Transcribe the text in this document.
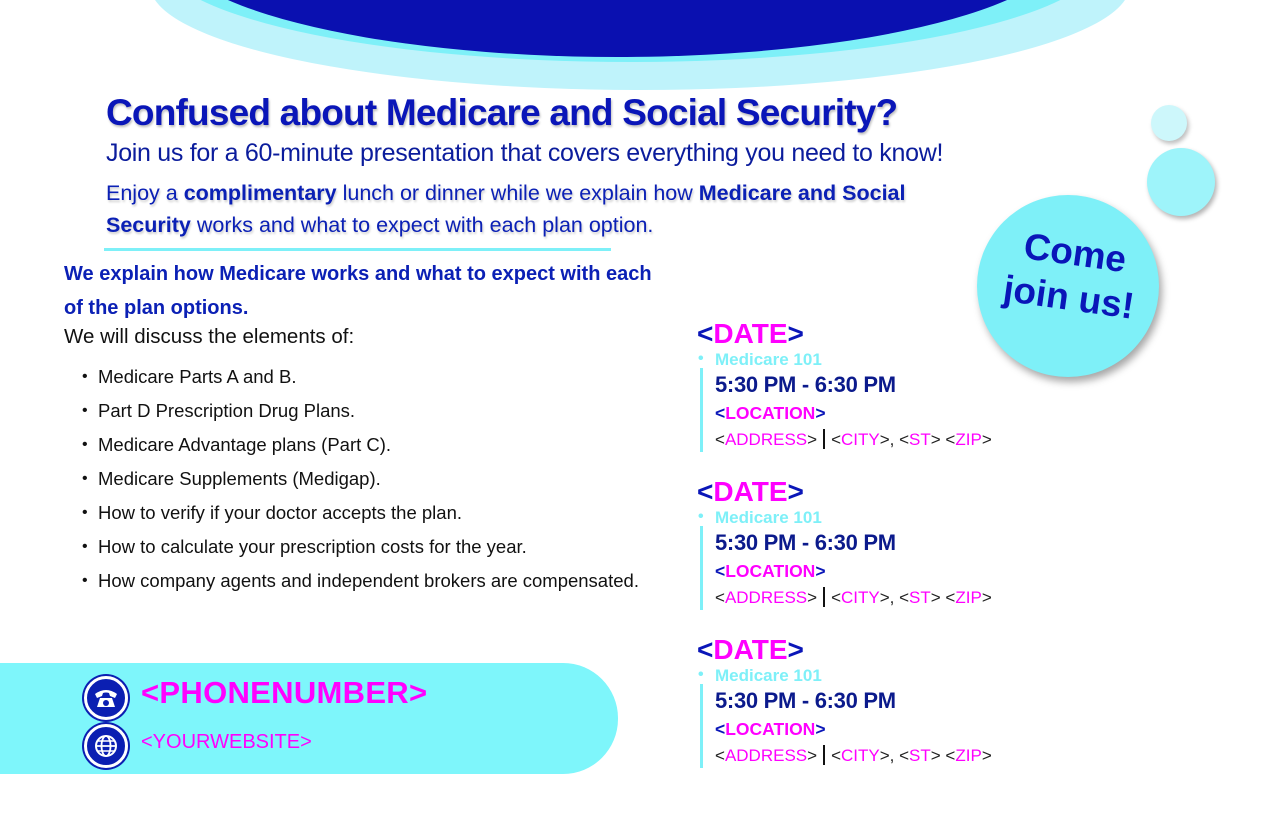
Confused about Medicare and Social Security?
Join us for a 60-minute presentation that covers everything you need to know!
Enjoy a complimentary lunch or dinner while we explain how Medicare and Social Security works and what to expect with each plan option.
Come
join us!
We explain how Medicare works and what to expect with each of the plan options.
We will discuss the elements of:
• Medicare Parts A and B.
• Part D Prescription Drug Plans.
• Medicare Advantage plans (Part C).
• Medicare Supplements (Medigap).
• How to verify if your doctor accepts the plan.
• How to calculate your prescription costs for the year.
• How company agents and independent brokers are compensated.
<PHONENUMBER>
<YOURWEBSITE>
<DATE>
• Medicare 101
5:30 PM - 6:30 PM
<LOCATION>
<ADDRESS> <CITY>, <ST> <ZIP>
<DATE>
• Medicare 101
5:30 PM - 6:30 PM
<LOCATION>
<ADDRESS> <CITY>, <ST> <ZIP>
<DATE>
• Medicare 101
5:30 PM - 6:30 PM
<LOCATION>
<ADDRESS> <CITY>, <ST> <ZIP>
